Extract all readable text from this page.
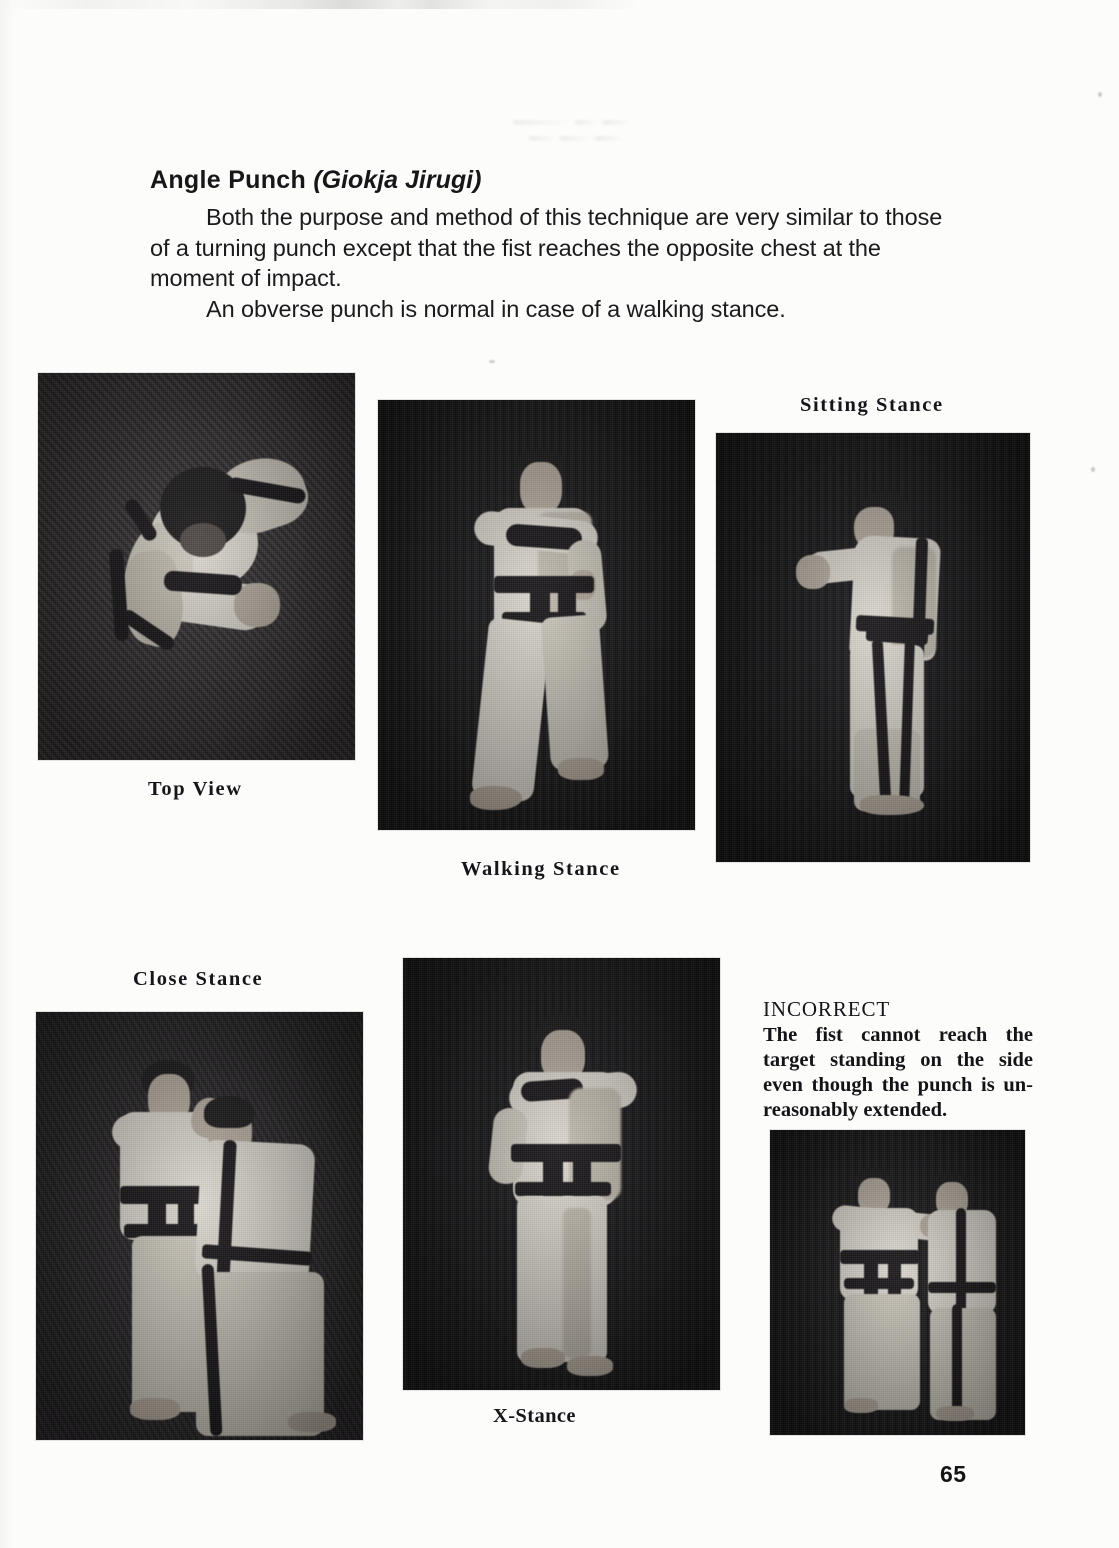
Angle Punch (Giokja Jirugi)

Both the purpose and method of this technique are very similar to those of a turning punch except that the fist reaches the opposite chest at the moment of impact.

An obverse punch is normal in case of a walking stance.

Top View
Walking Stance
Sitting Stance
Close Stance
X-Stance
INCORRECT
The fist cannot reach the
target standing on the side
even though the punch is un-
reasonably extended.
65
